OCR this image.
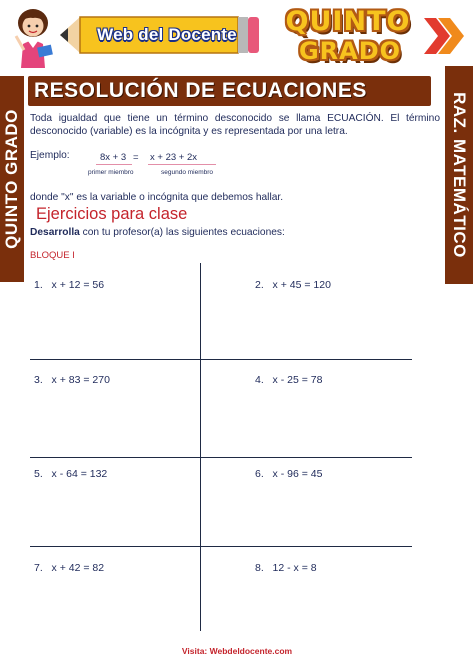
Web del Docente	QUINTO
GRADO
RESOLUCIÓN DE ECUACIONES
QUINTO GRADO	RAZ. MATEMÁTICO
Toda igualdad que tiene un término desconocido se llama ECUACIÓN. El término desconocido (variable) es la incógnita y es representada por una letra.
Ejemplo:	8x + 3 = x + 23 + 2x
primer miembro	segundo miembro
donde "x" es la variable o incógnita que debemos hallar.
Ejercicios para clase
Desarrolla con tu profesor(a) las siguientes ecuaciones:
BLOQUE I
1. x + 12 = 56	2. x + 45 = 120
3. x + 83 = 270	4. x - 25 = 78
5. x - 64 = 132	6. x - 96 = 45
7. x + 42 = 82	8. 12 - x = 8
Visita: Webdeldocente.com
